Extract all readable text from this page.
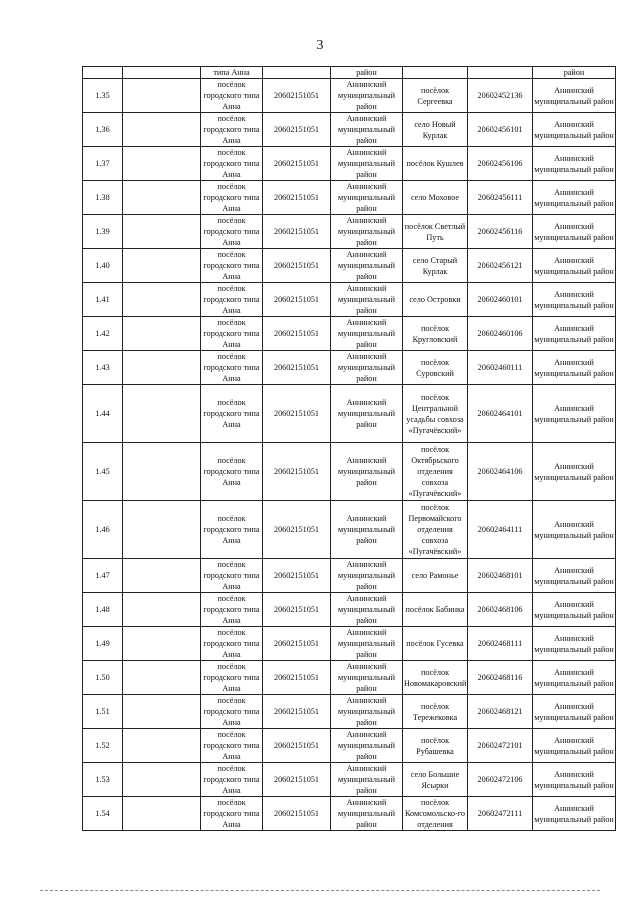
3
		типа Анна		район			район
1.35		посёлок городского типа Анна	20602151051	Аннинский муниципальный район	посёлок Сергеевка	20602452136	Аннинский муниципальный район
1.36		посёлок городского типа Анна	20602151051	Аннинский муниципальный район	село Новый Курлак	20602456101	Аннинский муниципальный район
1.37		посёлок городского типа Анна	20602151051	Аннинский муниципальный район	посёлок Кушлев	20602456106	Аннинский муниципальный район
1.38		посёлок городского типа Анна	20602151051	Аннинский муниципальный район	село Моховое	20602456111	Аннинский муниципальный район
1.39		посёлок городского типа Анна	20602151051	Аннинский муниципальный район	посёлок Светлый Путь	20602456116	Аннинский муниципальный район
1.40		посёлок городского типа Анна	20602151051	Аннинский муниципальный район	село Старый Курлак	20602456121	Аннинский муниципальный район
1.41		посёлок городского типа Анна	20602151051	Аннинский муниципальный район	село Островки	20602460101	Аннинский муниципальный район
1.42		посёлок городского типа Анна	20602151051	Аннинский муниципальный район	посёлок Кругловский	20602460106	Аннинский муниципальный район
1.43		посёлок городского типа Анна	20602151051	Аннинский муниципальный район	посёлок Суровский	20602460111	Аннинский муниципальный район
1.44		посёлок городского типа Анна	20602151051	Аннинский муниципальный район	посёлок Центральной усадьбы совхоза «Пугачёвский»	20602464101	Аннинский муниципальный район
1.45		посёлок городского типа Анна	20602151051	Аннинский муниципальный район	посёлок Октябрьского отделения совхоза «Пугачёвский»	20602464106	Аннинский муниципальный район
1.46		посёлок городского типа Анна	20602151051	Аннинский муниципальный район	посёлок Первомайского отделения совхоза «Пугачёвский»	20602464111	Аннинский муниципальный район
1.47		посёлок городского типа Анна	20602151051	Аннинский муниципальный район	село Рамонье	20602468101	Аннинский муниципальный район
1.48		посёлок городского типа Анна	20602151051	Аннинский муниципальный район	посёлок Бабинка	20602468106	Аннинский муниципальный район
1.49		посёлок городского типа Анна	20602151051	Аннинский муниципальный район	посёлок Гусевка	20602468111	Аннинский муниципальный район
1.50		посёлок городского типа Анна	20602151051	Аннинский муниципальный район	посёлок Новомакаровский	20602468116	Аннинский муниципальный район
1.51		посёлок городского типа Анна	20602151051	Аннинский муниципальный район	посёлок Тережековка	20602468121	Аннинский муниципальный район
1.52		посёлок городского типа Анна	20602151051	Аннинский муниципальный район	посёлок Рубашевка	20602472101	Аннинский муниципальный район
1.53		посёлок городского типа Анна	20602151051	Аннинский муниципальный район	село Большие Ясырки	20602472106	Аннинский муниципальный район
1.54		посёлок городского типа Анна	20602151051	Аннинский муниципальный район	посёлок Комсомольско-го отделения	20602472111	Аннинский муниципальный район
